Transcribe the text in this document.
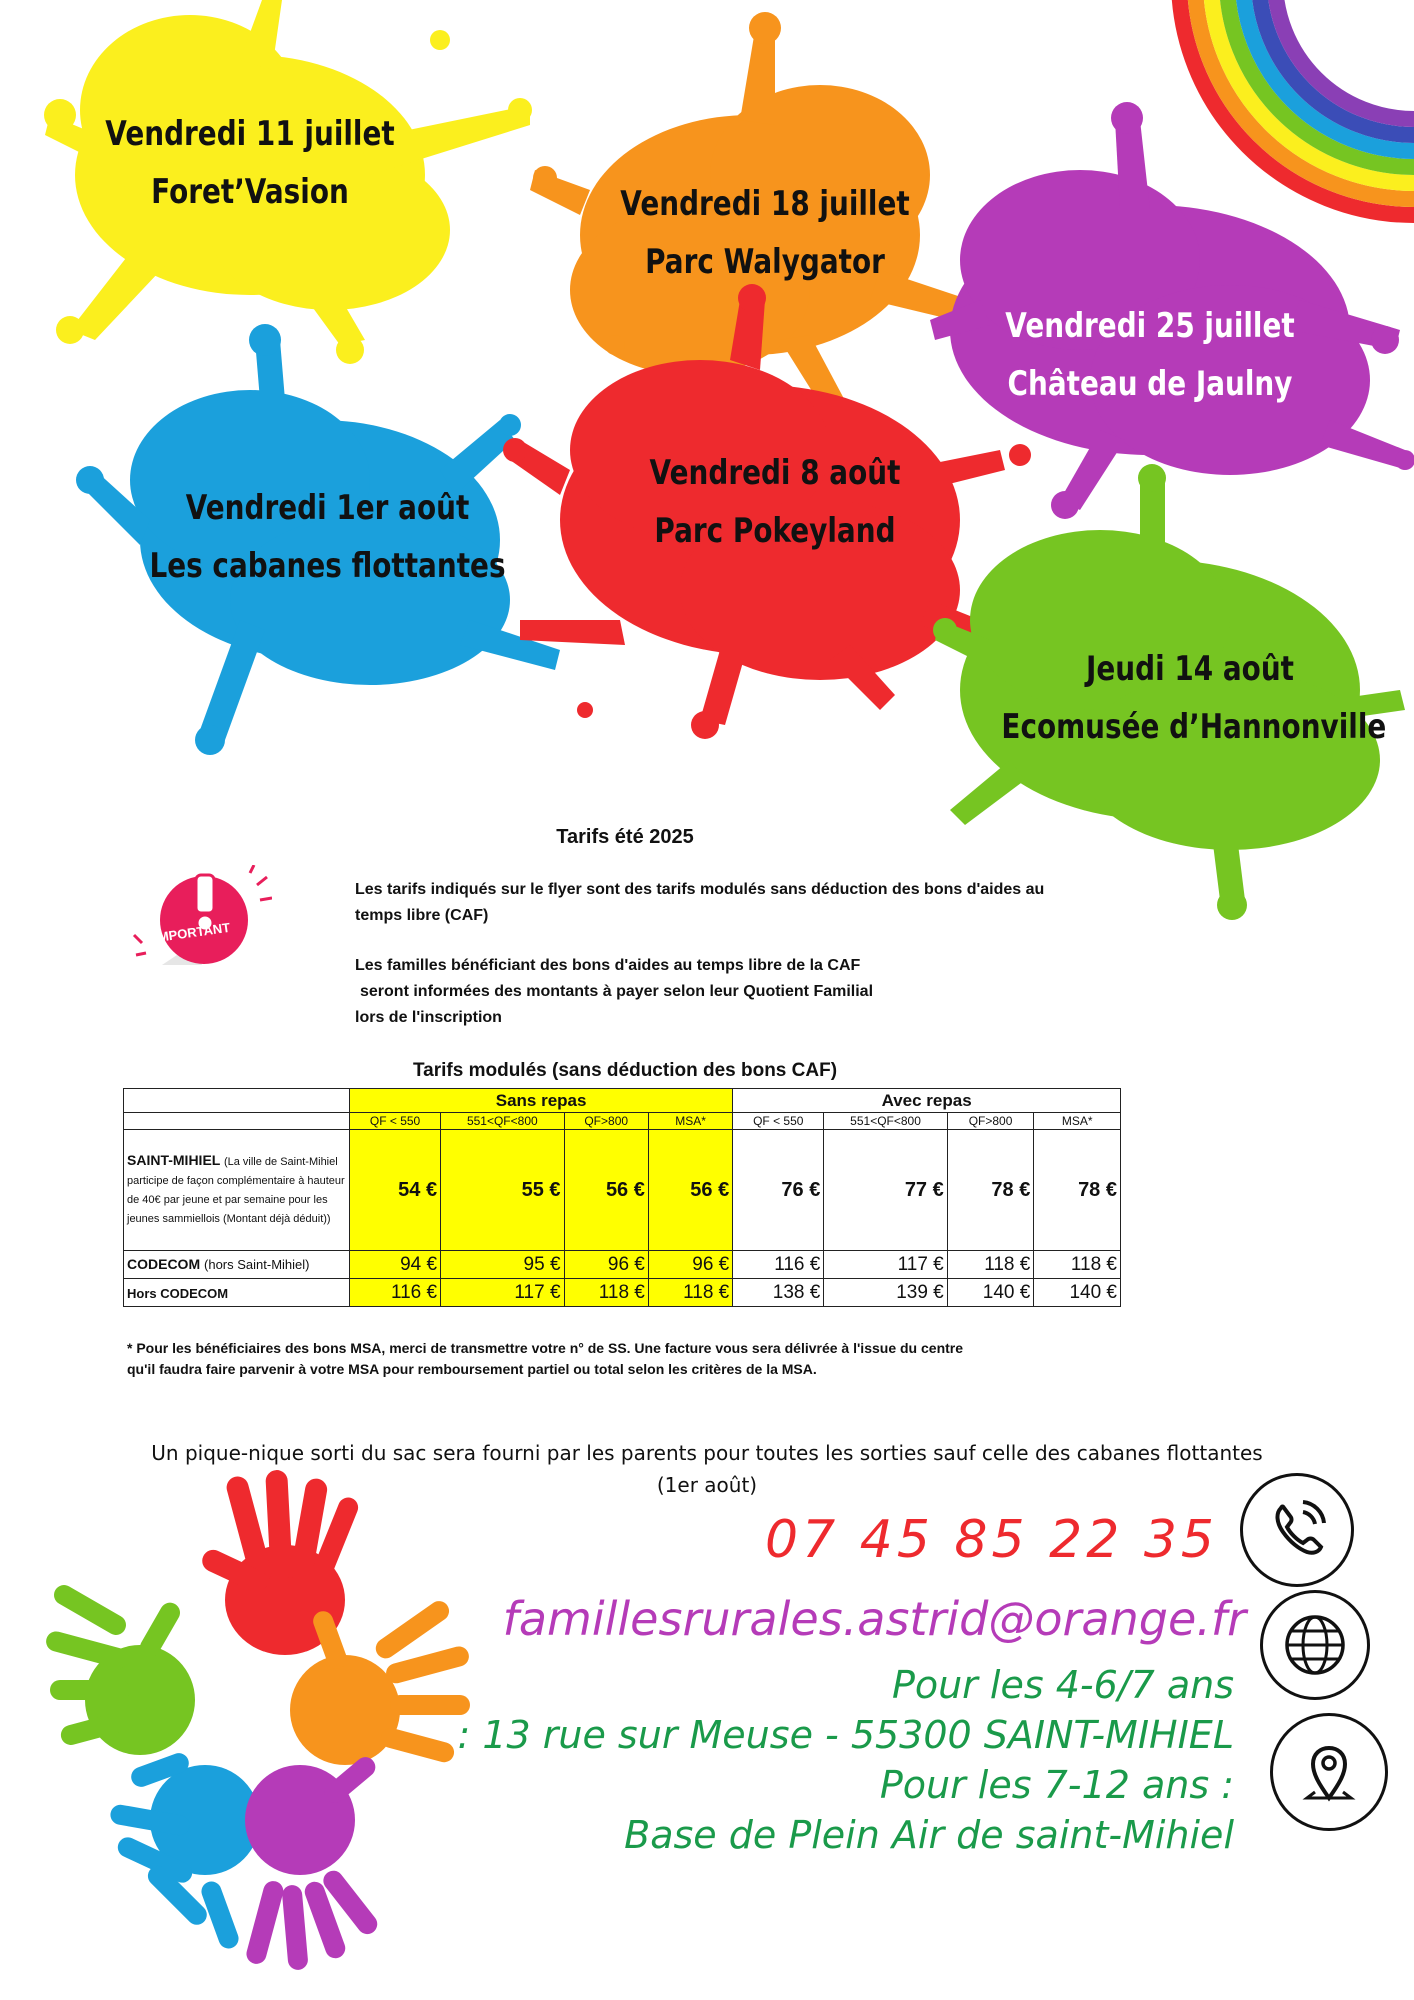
Vendredi 11 juillet
Foret’Vasion	Vendredi 18 juillet
Parc Walygator
Vendredi 25 juillet
Château de Jaulny
Vendredi 1er août
Les cabanes flottantes
Vendredi 8 août
Parc Pokeyland
Jeudi 14 août
Ecomusée d’Hannonville
Tarifs été 2025
IMPORTANT
Les tarifs indiqués sur le flyer sont des tarifs modulés sans déduction des bons d'aides au temps libre (CAF)
Les familles bénéficiant des bons d'aides au temps libre de la CAF
seront informées des montants à payer selon leur Quotient Familial
lors de l'inscription
Tarifs modulés (sans déduction des bons CAF)
	Sans repas				Avec repas			
	QF < 550	551<QF<800	QF>800	MSA*	QF < 550	551<QF<800	QF>800	MSA*
SAINT-MIHIEL (La ville de Saint-Mihiel participe de façon complémentaire à hauteur de 40€ par jeune et par semaine pour les jeunes sammiellois (Montant déjà déduit))	54 €	55 €	56 €	56 €	76 €	77 €	78 €	78 €
CODECOM (hors Saint-Mihiel)	94 €	95 €	96 €	96 €	116 €	117 €	118 €	118 €
Hors CODECOM	116 €	117 €	118 €	118 €	138 €	139 €	140 €	140 €
* Pour les bénéficiaires des bons MSA, merci de transmettre votre n° de SS. Une facture vous sera délivrée à l'issue du centre
qu'il faudra faire parvenir à votre MSA pour remboursement partiel ou total selon les critères de la MSA.
Un pique-nique sorti du sac sera fourni par les parents pour toutes les sorties sauf celle des cabanes flottantes
(1er août)
07 45 85 22 35
famillesrurales.astrid@orange.fr
Pour les 4-6/7 ans
: 13 rue sur Meuse - 55300 SAINT-MIHIEL
Pour les 7-12 ans :
Base de Plein Air de saint-Mihiel
